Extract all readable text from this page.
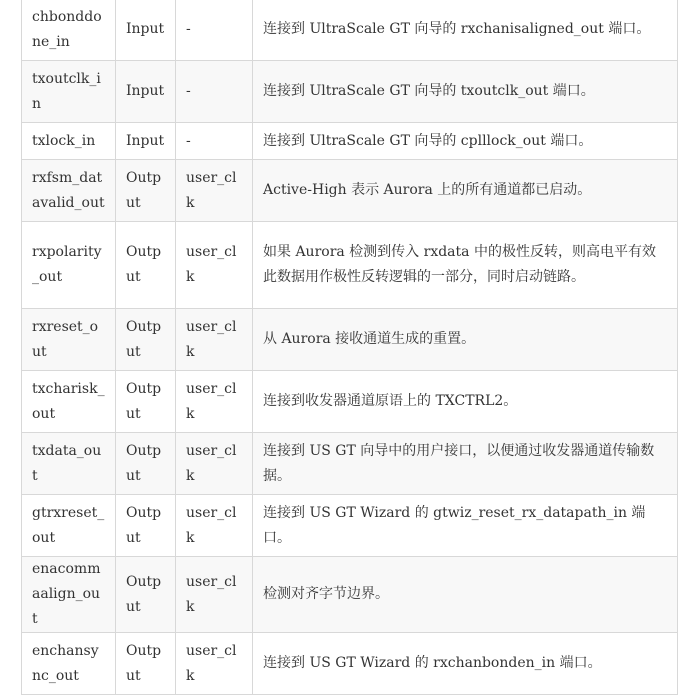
chbonddone_in	Input	-	连接到 UltraScale GT 向导的 rxchanisaligned_out 端口。
txoutclk_in	Input	-	连接到 UltraScale GT 向导的 txoutclk_out 端口。
txlock_in	Input	-	连接到 UltraScale GT 向导的 cplllock_out 端口。
rxfsm_datavalid_out	Output	user_clk	Active-High 表示 Aurora 上的所有通道都已启动。
rxpolarity_out	Output	user_clk	如果 Aurora 检测到传入 rxdata 中的极性反转，则高电平有效 此数据用作极性反转逻辑的一部分，同时启动链路。
rxreset_out	Output	user_clk	从 Aurora 接收通道生成的重置。
txcharisk_out	Output	user_clk	连接到收发器通道原语上的 TXCTRL2。
txdata_out	Output	user_clk	连接到 US GT 向导中的用户接口，以便通过收发器通道传输数据。
gtrxreset_out	Output	user_clk	连接到 US GT Wizard 的 gtwiz_reset_rx_datapath_in 端口。
enacommaalign_out	Output	user_clk	检测对齐字节边界。
enchansync_out	Output	user_clk	连接到 US GT Wizard 的 rxchanbonden_in 端口。
